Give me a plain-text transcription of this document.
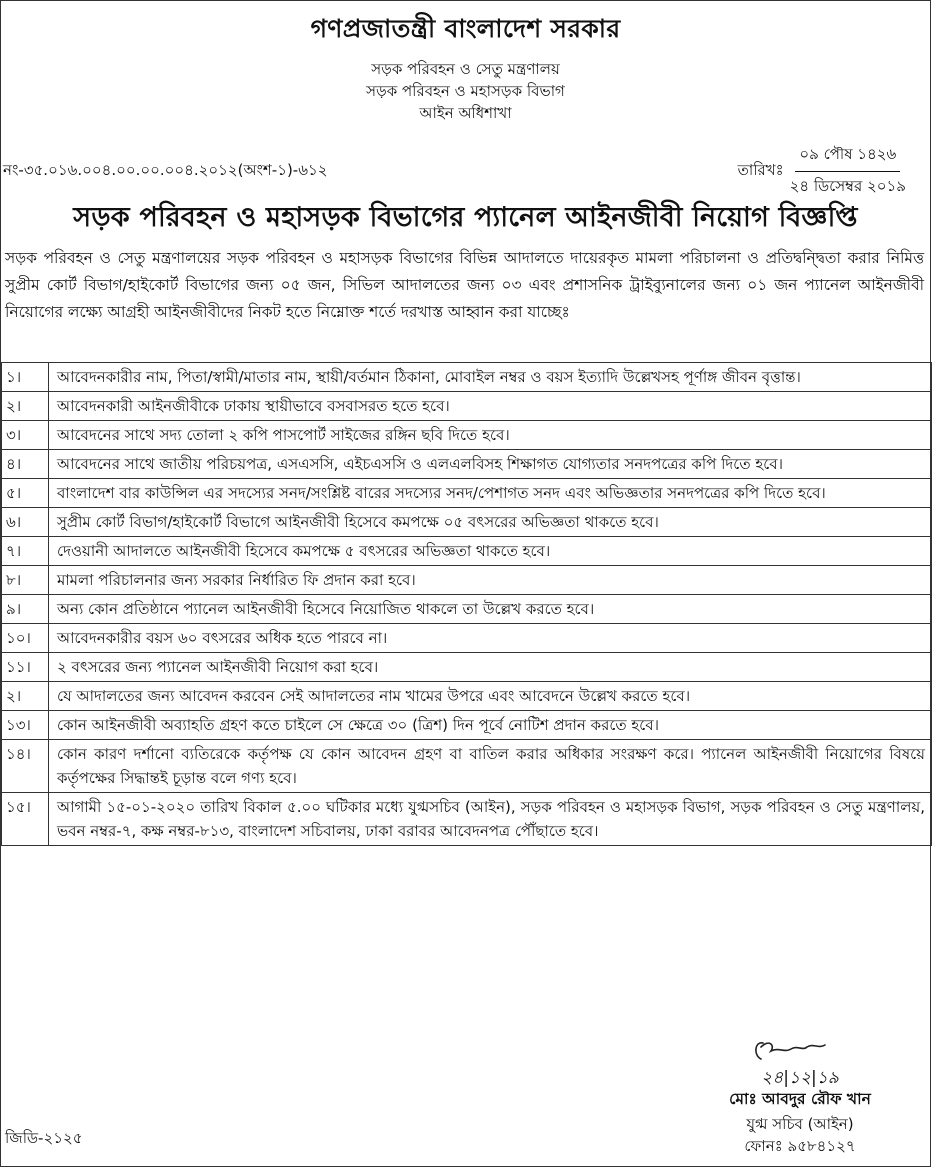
গণপ্রজাতন্ত্রী বাংলাদেশ সরকার
সড়ক পরিবহন ও সেতু মন্ত্রণালয়
সড়ক পরিবহন ও মহাসড়ক বিভাগ
আইন অধিশাখা
নং-৩৫.০১৬.০০৪.০০.০০.০০৪.২০১২(অংশ-১)-৬১২	তারিখঃ $\frac{\text{০৯ পৌষ ১৪২৬}}{\text{২৪ ডিসেম্বর ২০১৯}}$
সড়ক পরিবহন ও মহাসড়ক বিভাগের প্যানেল আইনজীবী নিয়োগ বিজ্ঞপ্তি
সড়ক পরিবহন ও সেতু মন্ত্রণালয়ের সড়ক পরিবহন ও মহাসড়ক বিভাগের বিভিন্ন আদালতে দায়েরকৃত মামলা পরিচালনা ও প্রতিদ্বন্দ্বিতা করার নিমিত্ত সুপ্রীম কোর্ট বিভাগ/হাইকোর্ট বিভাগের জন্য ০৫ জন, সিভিল আদালতের জন্য ০৩ এবং প্রশাসনিক ট্রাইব্যুনালের জন্য ০১ জন প্যানেল আইনজীবী নিয়োগের লক্ষ্যে আগ্রহী আইনজীবীদের নিকট হতে নিম্নোক্ত শর্তে দরখাস্ত আহ্বান করা যাচ্ছেঃ
১।	আবেদনকারীর নাম, পিতা/স্বামী/মাতার নাম, স্থায়ী/বর্তমান ঠিকানা, মোবাইল নম্বর ও বয়স ইত্যাদি উল্লেখসহ পূর্ণাঙ্গ জীবন বৃত্তান্ত।
২।	আবেদনকারী আইনজীবীকে ঢাকায় স্থায়ীভাবে বসবাসরত হতে হবে।
৩।	আবেদনের সাথে সদ্য তোলা ২ কপি পাসপোর্ট সাইজের রঙ্গিন ছবি দিতে হবে।
৪।	আবেদনের সাথে জাতীয় পরিচয়পত্র, এসএসসি, এইচএসসি ও এলএলবিসহ শিক্ষাগত যোগ্যতার সনদপত্রের কপি দিতে হবে।
৫।	বাংলাদেশ বার কাউন্সিল এর সদস্যের সনদ/সংশ্লিষ্ট বারের সদস্যের সনদ/পেশাগত সনদ এবং অভিজ্ঞতার সনদপত্রের কপি দিতে হবে।
৬।	সুপ্রীম কোর্ট বিভাগ/হাইকোর্ট বিভাগে আইনজীবী হিসেবে কমপক্ষে ০৫ বৎসরের অভিজ্ঞতা থাকতে হবে।
৭।	দেওয়ানী আদালতে আইনজীবী হিসেবে কমপক্ষে ৫ বৎসরের অভিজ্ঞতা থাকতে হবে।
৮।	মামলা পরিচালনার জন্য সরকার নির্ধারিত ফি প্রদান করা হবে।
৯।	অন্য কোন প্রতিষ্ঠানে প্যানেল আইনজীবী হিসেবে নিয়োজিত থাকলে তা উল্লেখ করতে হবে।
১০।	আবেদনকারীর বয়স ৬০ বৎসরের অধিক হতে পারবে না।
১১।	২ বৎসরের জন্য প্যানেল আইনজীবী নিয়োগ করা হবে।
২।	যে আদালতের জন্য আবেদন করবেন সেই আদালতের নাম খামের উপরে এবং আবেদনে উল্লেখ করতে হবে।
১৩।	কোন আইনজীবী অব্যাহতি গ্রহণ কতে চাইলে সে ক্ষেত্রে ৩০ (ত্রিশ) দিন পূর্বে নোটিশ প্রদান করতে হবে।
১৪।	কোন কারণ দর্শানো ব্যতিরেকে কর্তৃপক্ষ যে কোন আবেদন গ্রহণ বা বাতিল করার অধিকার সংরক্ষণ করে। প্যানেল আইনজীবী নিয়োগের বিষয়ে কর্তৃপক্ষের সিদ্ধান্তই চূড়ান্ত বলে গণ্য হবে।
১৫।	আগামী ১৫-০১-২০২০ তারিখ বিকাল ৫.০০ ঘটিকার মধ্যে যুগ্মসচিব (আইন), সড়ক পরিবহন ও মহাসড়ক বিভাগ, সড়ক পরিবহন ও সেতু মন্ত্রণালয়, ভবন নম্বর-৭, কক্ষ নম্বর-৮১৩, বাংলাদেশ সচিবালয়, ঢাকা বরাবর আবেদনপত্র পৌঁছাতে হবে।
২৪|১২|১৯
মোঃ আবদুর রৌফ খান
যুগ্ম সচিব (আইন)
ফোনঃ ৯৫৮৪১২৭
জিডি-২১২৫
